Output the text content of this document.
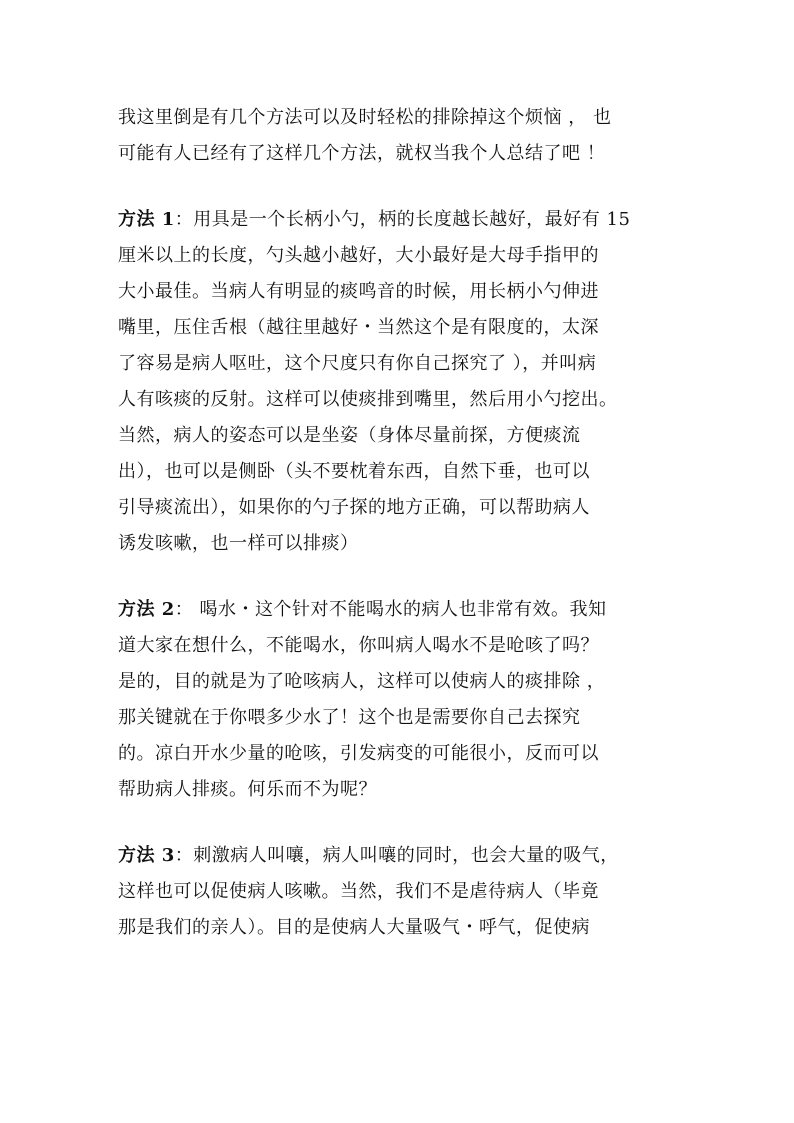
我这里倒是有几个方法可以及时轻松的排除掉这个烦恼 ， 也
可能有人已经有了这样几个方法，就权当我个人总结了吧 ！
方法 1：用具是一个长柄小勺，柄的长度越长越好，最好有 15
厘米以上的长度，勺头越小越好，大小最好是大母手指甲的
大小最佳。当病人有明显的痰鸣音的时候，用长柄小勺伸进
嘴里，压住舌根（越往里越好・当然这个是有限度的，太深
了容易是病人呕吐，这个尺度只有你自己探究了 ），并叫病
人有咳痰的反射。这样可以使痰排到嘴里，然后用小勺挖出。
当然，病人的姿态可以是坐姿（身体尽量前探，方便痰流
出），也可以是侧卧（头不要枕着东西，自然下垂，也可以
引导痰流出），如果你的勺子探的地方正确，可以帮助病人
诱发咳嗽，也一样可以排痰）
方法 2： 喝水・这个针对不能喝水的病人也非常有效。我知
道大家在想什么，不能喝水，你叫病人喝水不是呛咳了吗？
是的，目的就是为了呛咳病人，这样可以使病人的痰排除 ，
那关键就在于你喂多少水了！这个也是需要你自己去探究
的。凉白开水少量的呛咳，引发病变的可能很小，反而可以
帮助病人排痰。何乐而不为呢？
方法 3：刺激病人叫嚷，病人叫嚷的同时，也会大量的吸气，
这样也可以促使病人咳嗽。当然，我们不是虐待病人（毕竟
那是我们的亲人）。目的是使病人大量吸气・呼气，促使病
